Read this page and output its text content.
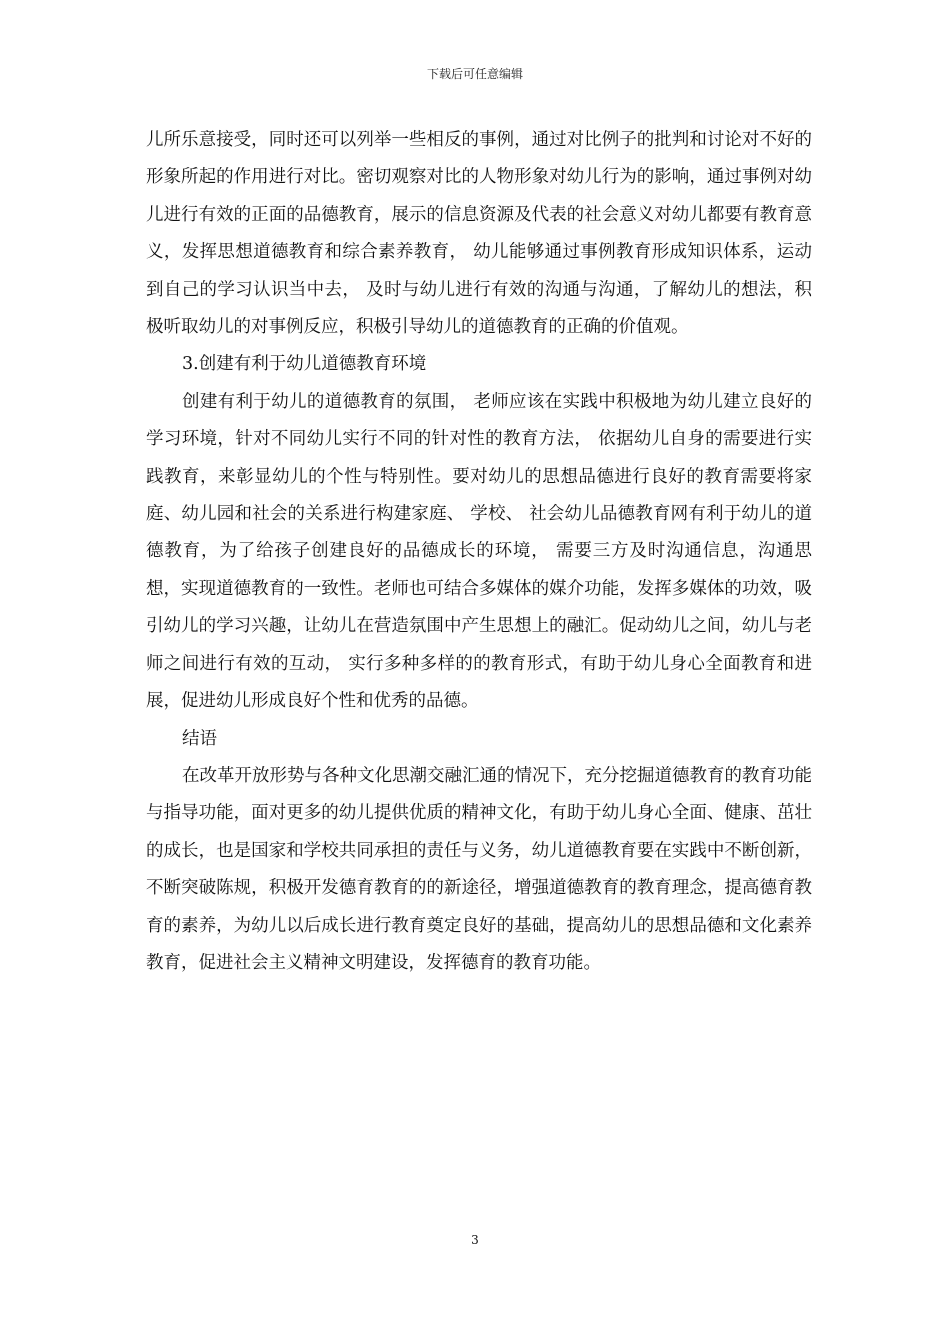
下载后可任意编辑

儿所乐意接受，同时还可以列举一些相反的事例，通过对比例子的批判和讨论对不好的形象所起的作用进行对比。密切观察对比的人物形象对幼儿行为的影响，通过事例对幼儿进行有效的正面的品德教育，展示的信息资源及代表的社会意义对幼儿都要有教育意义，发挥思想道德教育和综合素养教育， 幼儿能够通过事例教育形成知识体系，运动到自己的学习认识当中去， 及时与幼儿进行有效的沟通与沟通，了解幼儿的想法，积极听取幼儿的对事例反应，积极引导幼儿的道德教育的正确的价值观。

3.创建有利于幼儿道德教育环境

创建有利于幼儿的道德教育的氛围， 老师应该在实践中积极地为幼儿建立良好的学习环境，针对不同幼儿实行不同的针对性的教育方法， 依据幼儿自身的需要进行实践教育，来彰显幼儿的个性与特别性。要对幼儿的思想品德进行良好的教育需要将家庭、幼儿园和社会的关系进行构建家庭、 学校、 社会幼儿品德教育网有利于幼儿的道德教育，为了给孩子创建良好的品德成长的环境， 需要三方及时沟通信息，沟通思想，实现道德教育的一致性。老师也可结合多媒体的媒介功能，发挥多媒体的功效，吸引幼儿的学习兴趣，让幼儿在营造氛围中产生思想上的融汇。促动幼儿之间，幼儿与老师之间进行有效的互动， 实行多种多样的的教育形式，有助于幼儿身心全面教育和进展，促进幼儿形成良好个性和优秀的品德。

结语

在改革开放形势与各种文化思潮交融汇通的情况下，充分挖掘道德教育的教育功能与指导功能，面对更多的幼儿提供优质的精神文化，有助于幼儿身心全面、健康、茁壮的成长，也是国家和学校共同承担的责任与义务，幼儿道德教育要在实践中不断创新，不断突破陈规，积极开发德育教育的的新途径，增强道德教育的教育理念，提高德育教育的素养，为幼儿以后成长进行教育奠定良好的基础，提高幼儿的思想品德和文化素养教育，促进社会主义精神文明建设，发挥德育的教育功能。

3
